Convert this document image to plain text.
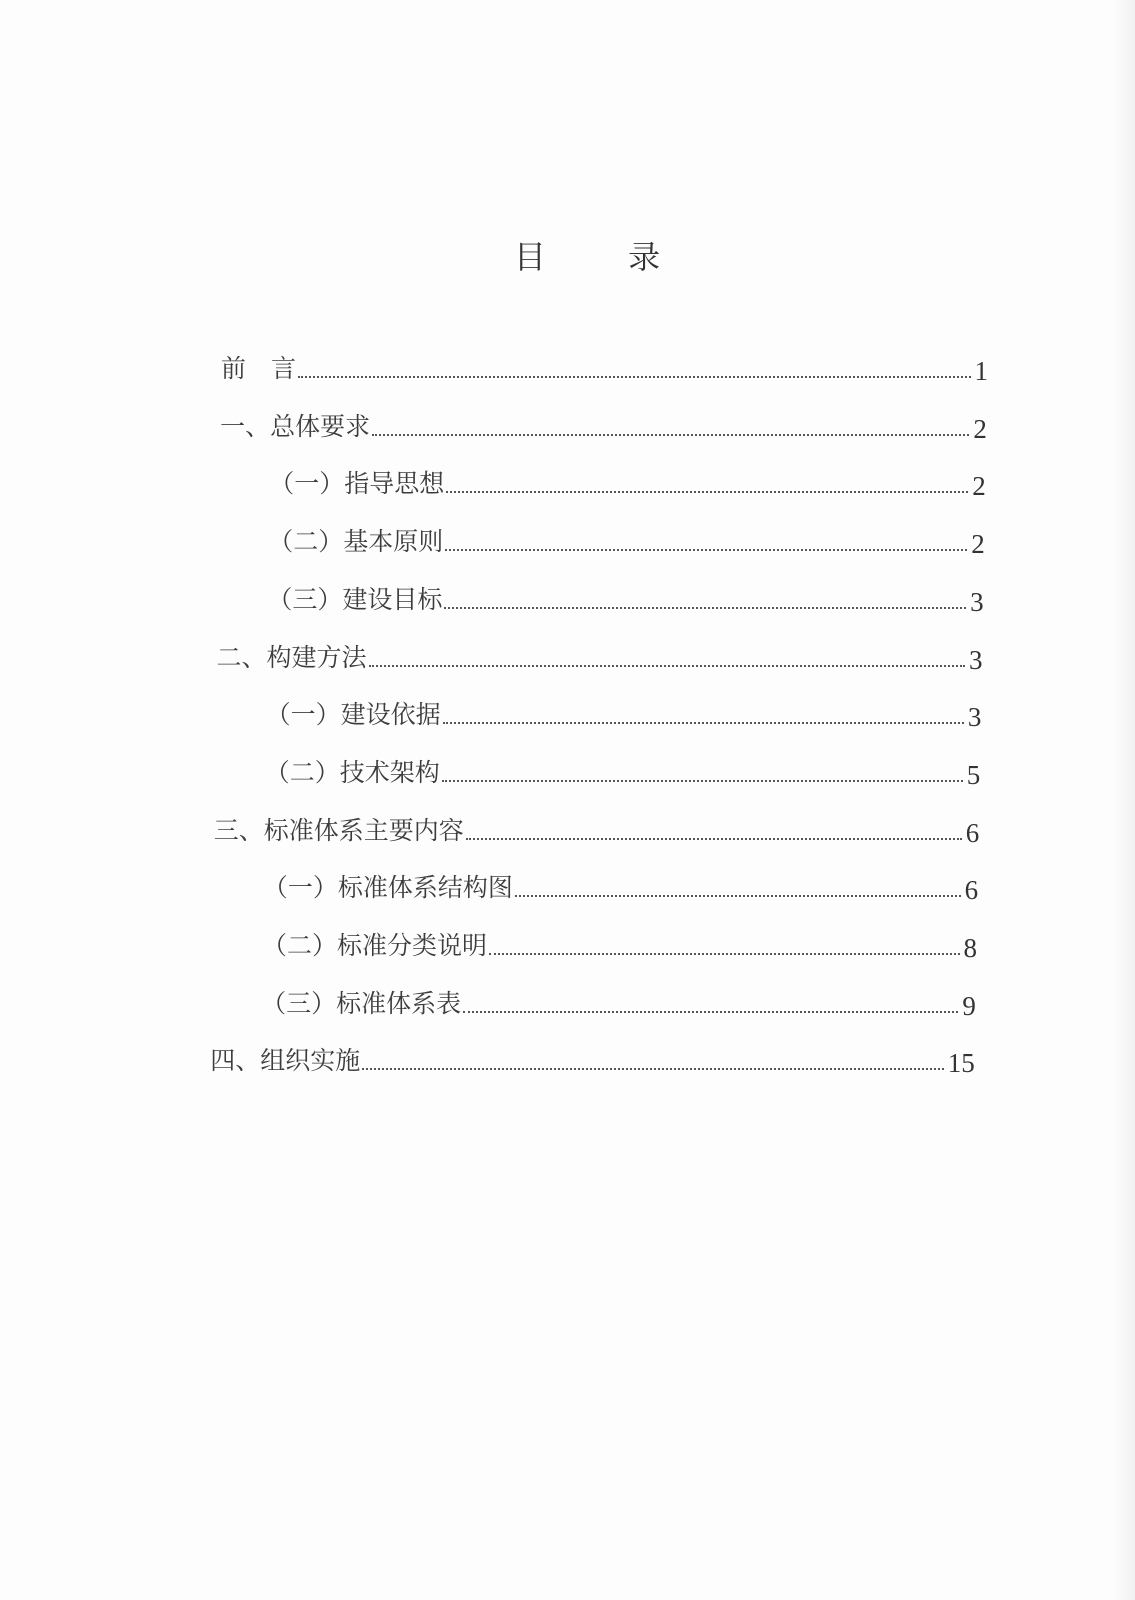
目 录
前　言	1
一、总体要求	2
（一）指导思想	2
（二）基本原则	2
（三）建设目标	3
二、构建方法	3
（一）建设依据	3
（二）技术架构	5
三、标准体系主要内容	6
（一）标准体系结构图	6
（二）标准分类说明	8
（三）标准体系表	9
四、组织实施	15
